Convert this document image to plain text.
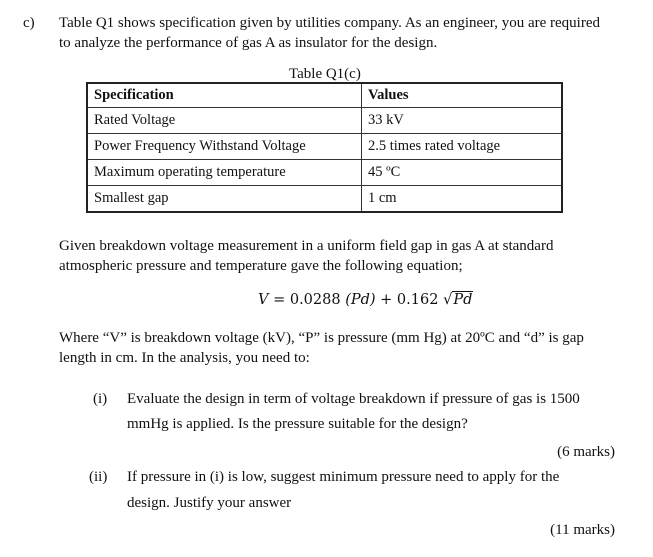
c) Table Q1 shows specification given by utilities company. As an engineer, you are required
to analyze the performance of gas A as insulator for the design.
Table Q1(c)
Specification	Values
Rated Voltage	33 kV
Power Frequency Withstand Voltage	2.5 times rated voltage
Maximum operating temperature	45 ºC
Smallest gap	1 cm
Given breakdown voltage measurement in a uniform field gap in gas A at standard
atmospheric pressure and temperature gave the following equation;
V = 0.0288 (Pd) + 0.162 √Pd
Where “V” is breakdown voltage (kV), “P” is pressure (mm Hg) at 20ºC and “d” is gap
length in cm. In the analysis, you need to:
(i) Evaluate the design in term of voltage breakdown if pressure of gas is 1500
mmHg is applied. Is the pressure suitable for the design?
(6 marks)
(ii) If pressure in (i) is low, suggest minimum pressure need to apply for the
design. Justify your answer
(11 marks)
